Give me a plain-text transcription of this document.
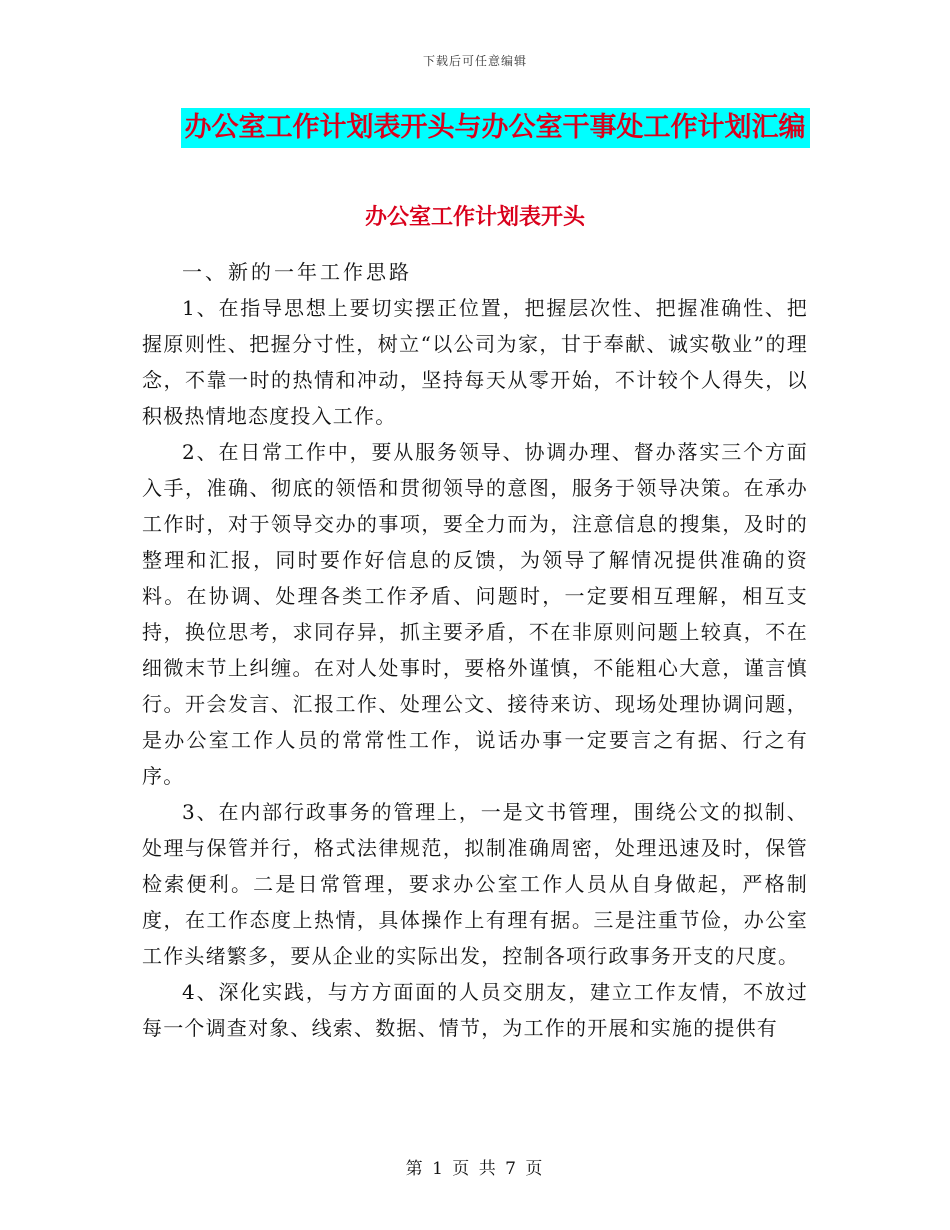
下载后可任意编辑
办公室工作计划表开头与办公室干事处工作计划汇编
办公室工作计划表开头

一、新的一年工作思路

1、在指导思想上要切实摆正位置，把握层次性、把握准确性、把握原则性、把握分寸性，树立“以公司为家，甘于奉献、诚实敬业”的理念，不靠一时的热情和冲动，坚持每天从零开始，不计较个人得失，以积极热情地态度投入工作。

2、在日常工作中，要从服务领导、协调办理、督办落实三个方面入手，准确、彻底的领悟和贯彻领导的意图，服务于领导决策。在承办工作时，对于领导交办的事项，要全力而为，注意信息的搜集，及时的整理和汇报，同时要作好信息的反馈，为领导了解情况提供准确的资料。在协调、处理各类工作矛盾、问题时，一定要相互理解，相互支持，换位思考，求同存异，抓主要矛盾，不在非原则问题上较真，不在细微末节上纠缠。在对人处事时，要格外谨慎，不能粗心大意，谨言慎行。开会发言、汇报工作、处理公文、接待来访、现场处理协调问题，是办公室工作人员的常常性工作，说话办事一定要言之有据、行之有序。

3、在内部行政事务的管理上，一是文书管理，围绕公文的拟制、处理与保管并行，格式法律规范，拟制准确周密，处理迅速及时，保管检索便利。二是日常管理，要求办公室工作人员从自身做起，严格制度，在工作态度上热情，具体操作上有理有据。三是注重节俭，办公室工作头绪繁多，要从企业的实际出发，控制各项行政事务开支的尺度。

4、深化实践，与方方面面的人员交朋友，建立工作友情，不放过每一个调查对象、线索、数据、情节，为工作的开展和实施的提供有

第 1 页 共 7 页
